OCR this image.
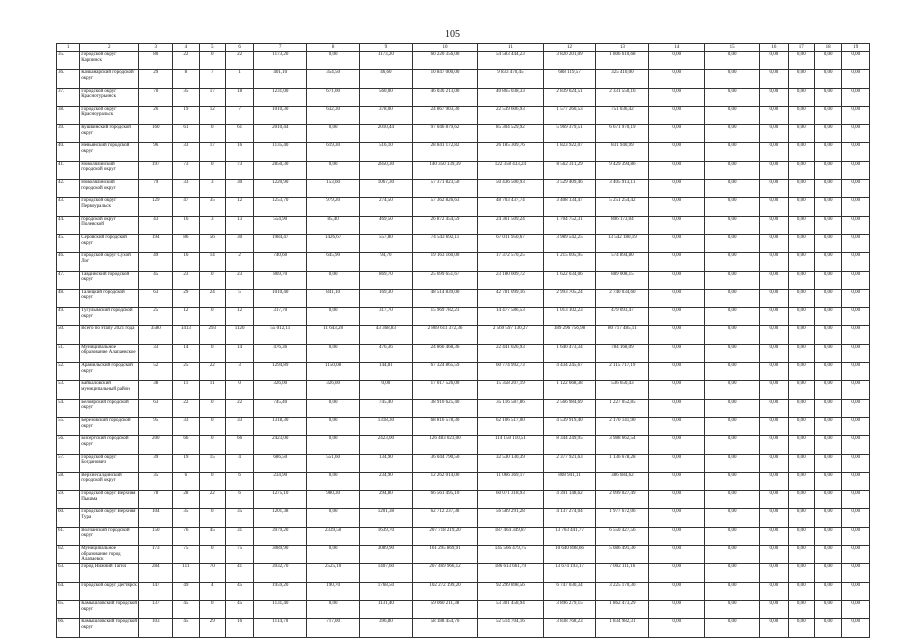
105
1	2	3	4	5	6	7	8	9	10	11	12	13	14	15	16	17	18	19
35.	Городской округ Карпинск	80	22	0	22	1173,20	0,00	1173,20	60 220 356,00	54 583 444,23	3 820 201,09	1 806 610,68	0,00	0,00	0,00	0,00	0,00	0,00
36.	Качканарский городской округ	29	8	7	1	401,10	354,50	46,60	10 847 000,00	9 833 470,45	688 119,57	325 410,00	0,00	0,00	0,00	0,00	0,00	0,00
37.	Городской округ Краснотурьинск	70	35	17	18	1231,00	671,00	560,00	46 036 213,00	40 865 038,33	2 839 624,51	2 331 550,16	0,00	0,00	0,00	0,00	0,00	0,00
38.	Городской округ Красноуральск	26	19	12	7	1010,30	632,30	378,00	24 867 903,30	22 539 606,93	1 577 260,53	751 036,42	0,00	0,00	0,00	0,00	0,00	0,00
39.	Кушвинский городской округ	160	61	0	61	2010,44	0,00	2010,44	97 046 879,62	85 304 529,92	5 969 379,51	6 671 970,19	0,00	0,00	0,00	0,00	0,00	0,00
40.	Невьянский городской округ	96	33	17	16	1135,40	619,30	516,10	28 841 172,82	26 185 309,76	1 823 922,07	831 940,99	0,00	0,00	0,00	0,00	0,00	0,00
41.	Новолялинский городской округ	197	73	0	73	2850,30	0,00	2850,30	140 350 139,39	122 358 433,24	8 562 311,29	9 429 394,86	0,00	0,00	0,00	0,00	0,00	0,00
42.	Новолялинский городской округ	79	33	3	30	1220,90	153,60	1067,30	57 371 823,50	50 436 500,93	3 529 409,46	3 405 913,11	0,00	0,00	0,00	0,00	0,00	0,00
43.	Городской округ Первоуральск	129	47	35	12	1253,70	979,20	274,50	57 362 826,63	48 703 437,74	3 408 134,47	5 251 254,42	0,00	0,00	0,00	0,00	0,00	0,00
44.	городской округ Полевской	43	16	3	13	554,90	85,40	469,50	26 872 454,59	24 361 509,24	1 704 752,31	806 173,04	0,00	0,00	0,00	0,00	0,00	0,00
45.	Серовский городской округ	194	86	56	30	1984,47	1426,67	557,80	74 543 692,11	67 011 950,67	3 989 542,25	13 542 180,19	0,00	0,00	0,00	0,00	0,00	0,00
46.	Городской округ Сухой Лог	49	16	14	2	740,60	645,90	94,70	19 163 160,00	17 372 570,25	1 215 695,95	574 894,80	0,00	0,00	0,00	0,00	0,00	0,00
47.	Тавдинский городской округ	45	23	0	23	869,70	0,00	869,70	25 699 651,67	23 180 009,72	1 622 034,06	889 008,15	0,00	0,00	0,00	0,00	0,00	0,00
48.	Талицкий городской округ	63	29	24	5	1010,40	841,10	169,30	48 514 839,00	42 781 099,16	2 993 705,24	2 740 034,60	0,00	0,00	0,00	0,00	0,00	0,00
49.	Тугулымский городской округ	25	12	0	12	317,70	0,00	317,70	15 969 782,23	14 477 586,53	1 013 102,23	479 093,47	0,00	0,00	0,00	0,00	0,00	0,00
50.	Всего по этапу 2021 года	3580	1413	293	1120	55 012,11	11 643,28	43 368,83	2 869 611 372,36	2 569 597 130,27	189 296 756,98	80 717 485,11	0,00	0,00	0,00	0,00	0,00	0,00
51.	Муниципальное образование Алапаевское	33	14	0	14	476,36	0,00	476,36	24 866 468,36	22 441 026,93	1 640 473,34	784 168,09	0,00	0,00	0,00	0,00	0,00	0,00
52.	Арамильский городской округ	52	25	22	3	1294,89	1150,08	144,81	67 324 865,59	60 774 992,73	4 434 245,67	2 115 717,19	0,00	0,00	0,00	0,00	0,00	0,00
53.	Байкаловский муниципальный район	38	11	11	0	326,00	326,00	0,00	17 017 526,00	15 358 207,19	1 122 668,38	536 650,43	0,00	0,00	0,00	0,00	0,00	0,00
54.	Белоярский городской округ	63	22	0	22	745,40	0,00	745,40	38 910 625,40	35 116 587,86	2 566 984,69	1 227 052,85	0,00	0,00	0,00	0,00	0,00	0,00
55.	Березовский городской округ	95	33	0	33	1318,30	0,00	1318,30	68 816 578,30	62 106 517,00	4 539 919,40	2 170 141,90	0,00	0,00	0,00	0,00	0,00	0,00
56.	Бисертский городской округ	200	66	0	66	2423,00	0,00	2423,00	126 483 023,00	114 150 110,51	8 344 249,95	3 988 662,54	0,00	0,00	0,00	0,00	0,00	0,00
57.	Городской округ Богданович	39	19	15	4	686,50	551,60	134,90	36 044 790,50	32 530 130,39	2 377 921,63	1 136 678,28	0,00	0,00	0,00	0,00	0,00	0,00
58.	Верхнесалдинский городской округ	35	6	0	6	234,90	0,00	234,90	12 262 014,00	11 066 369,17	808 941,11	386 684,62	0,00	0,00	0,00	0,00	0,00	0,00
59.	Городской округ Верхняя Пышма	78	28	22	6	1275,10	980,30	294,80	66 561 495,10	60 071 318,93	4 391 148,62	2 099 027,49	0,00	0,00	0,00	0,00	0,00	0,00
60.	Городской округ Верхняя Тура	104	35	0	35	1201,38	0,00	1201,38	62 712 237,38	56 589 291,28	4 137 274,04	1 977 672,06	0,00	0,00	0,00	0,00	0,00	0,00
61.	Волчанский городской округ	150	76	45	31	3979,20	2339,50	1639,70	207 718 219,20	187 464 349,87	13 703 441,77	6 550 427,56	0,00	0,00	0,00	0,00	0,00	0,00
62.	Муниципальное образование город Алапаевск	173	75	0	75	3089,90	0,00	3089,90	161 295 869,91	145 566 479,75	10 640 898,66	5 086 491,30	0,00	0,00	0,00	0,00	0,00	0,00
63.	Город Нижний Тагил	284	111	70	41	3932,70	2525,10	1407,60	207 469 966,12	186 613 661,79	13 674 193,17	7 002 111,16	0,00	0,00	0,00	0,00	0,00	0,00
64.	Городской округ Дегтярск	147	49	4	45	1959,20	190,70	1768,50	102 272 199,20	92 299 898,56	6 747 030,34	3 225 170,30	0,00	0,00	0,00	0,00	0,00	0,00
65.	Камышловский городской округ	137	45	0	45	1131,40	0,00	1131,40	59 060 211,38	53 301 458,94	3 896 279,15	1 862 473,29	0,00	0,00	0,00	0,00	0,00	0,00
66.	Камышловский городской округ	103	45	29	16	1114,70	717,00	396,80	58 188 454,70	52 514 704,16	3 838 768,23	1 834 982,31	0,00	0,00	0,00	0,00	0,00	0,00
